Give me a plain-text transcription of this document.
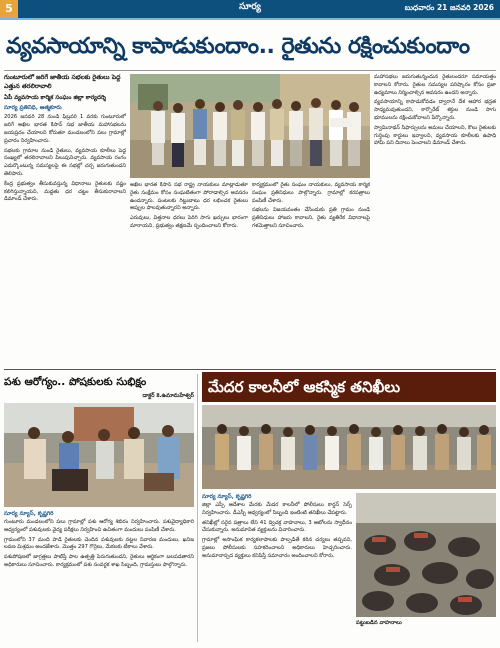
5	సూర్య	బుధవారం 21 జనవరి 2026
వ్యవసాయాన్ని కాపాడుకుందాం.. రైతును రక్షించుకుందాం
గుంటూరులో జరిగే జాతీయ సభలకు రైతులు పెద్ద ఎత్తున తరలిరావాలి
ఏపీ వ్యవసాయ కార్మిక సంఘం జిల్లా కార్యదర్శి
సూర్య ప్రతినిధి, ఆత్మకూరు

2026 జనవరి 28 నుండి ఫిబ్రవరి 1 వరకు గుంటూరులో జరిగే అఖిల భారత కిసాన్ సభ జాతీయ మహాసభలను జయప్రదం చేయాలని కోరుతూ మండలంలోని పలు గ్రామాల్లో ప్రచారం నిర్వహించారు.

సభలకు గ్రామాల నుండి రైతులు, వ్యవసాయ కూలీలు పెద్ద సంఖ్యలో తరలిరావాలని పిలుపునిచ్చారు. వ్యవసాయ రంగం ఎదుర్కొంటున్న సమస్యలపై ఈ సభల్లో చర్చ జరుగుతుందని తెలిపారు.

కేంద్ర ప్రభుత్వం తీసుకువస్తున్న విధానాలు రైతులకు నష్టం కలిగిస్తున్నాయని, మద్దతు ధర చట్టం తీసుకురావాలని డిమాండ్ చేశారు.

అఖిల భారత కిసాన్ సభ రాష్ట్ర నాయకులు మాట్లాడుతూ రైతు సంక్షేమం కోసం సంఘటితంగా పోరాడాల్సిన అవసరం ఉందన్నారు. పంటలకు గిట్టుబాటు ధర లభించక రైతులు అప్పుల పాలవుతున్నారని అన్నారు.

ఎరువులు, విత్తనాల ధరలు పెరిగి సాగు ఖర్చులు భారంగా మారాయని, ప్రభుత్వం తక్షణమే స్పందించాలని కోరారు.

కార్యక్రమంలో రైతు సంఘం నాయకులు, వ్యవసాయ కార్మిక సంఘం ప్రతినిధులు పాల్గొన్నారు. గ్రామాల్లో కరపత్రాలు పంపిణీ చేశారు.

సభలను విజయవంతం చేసేందుకు ప్రతి గ్రామం నుండి ప్రతినిధులు హాజరు కావాలని, రైతు వ్యతిరేక విధానాలపై గళమెత్తాలని సూచించారు.

మహాసభలు జరుగుతున్నందున రైతులందరూ సమాయత్తం కావాలని కోరారు. రైతుల సమస్యల పరిష్కారం కోసం ప్రజా ఉద్యమాలు నిర్మించాల్సిన అవసరం ఉందని అన్నారు.

వ్యవసాయాన్ని కాపాడుకోవడం ద్వారానే దేశ ఆహార భద్రత సాధ్యమవుతుందని, కార్పొరేట్ శక్తుల నుండి సాగు భూములను రక్షించుకోవాలని పేర్కొన్నారు.

స్వామినాథన్ సిఫార్సులను అమలు చేయాలని, కౌలు రైతులకు గుర్తింపు కార్డులు ఇవ్వాలని, వ్యవసాయ కూలీలకు ఉపాధి హామీ పని దినాలు పెంచాలని డిమాండ్ చేశారు.

పశు ఆరోగ్యం.. పోషకులకు సుభిక్షం
డాక్టర్ కె.ఉమామహేశ్వర్
సూర్య న్యూస్, కృష్ణగిరి

గుంటూరు మండలంలోని పలు గ్రామాల్లో పశు ఆరోగ్య శిబిరం నిర్వహించారు. పశువైద్యాధికారి ఆధ్వర్యంలో పశువులకు వైద్య పరీక్షలు నిర్వహించి ఉచితంగా మందులు పంపిణీ చేశారు.

గ్రామంలోని 37 మంది పాడి రైతులకు చెందిన పశువులకు నట్టల నివారణ మందులు, ఖనిజ లవణ మిశ్రమం అందజేశారు. మొత్తం 297 గొర్రెలు, మేకలకు టీకాలు వేశారు.

పశుపోషణలో జాగ్రత్తలు పాటిస్తే పాల ఉత్పత్తి పెరుగుతుందని, రైతులు ఆర్థికంగా బలపడతారని అధికారులు సూచించారు. కార్యక్రమంలో పశు సంవర్ధక శాఖ సిబ్బంది, గ్రామస్తులు పాల్గొన్నారు.

మేదర కాలనీలో ఆకస్మిక తనిఖీలు
సూర్య న్యూస్, కృష్ణగిరి

జిల్లా ఎస్పీ ఆదేశాల మేరకు మేదర కాలనీలో పోలీసులు కార్డన్ సెర్చ్ నిర్వహించారు. డీఎస్పీ ఆధ్వర్యంలో సిబ్బంది ఇంటింటి తనిఖీలు చేపట్టారు.

తనిఖీల్లో సరైన పత్రాలు లేని 41 ద్విచక్ర వాహనాలు, 3 ఆటోలను స్వాధీనం చేసుకున్నారు. అనుమానిత వ్యక్తులను విచారించారు.

గ్రామాల్లో అసాంఘిక కార్యకలాపాలకు పాల్పడితే కఠిన చర్యలు తప్పవని, ప్రజలు పోలీసులకు సహకరించాలని అధికారులు హెచ్చరించారు. అనుమానాస్పద వ్యక్తులు కనిపిస్తే సమాచారం అందించాలని కోరారు.

పట్టుబడిన వాహనాలు
